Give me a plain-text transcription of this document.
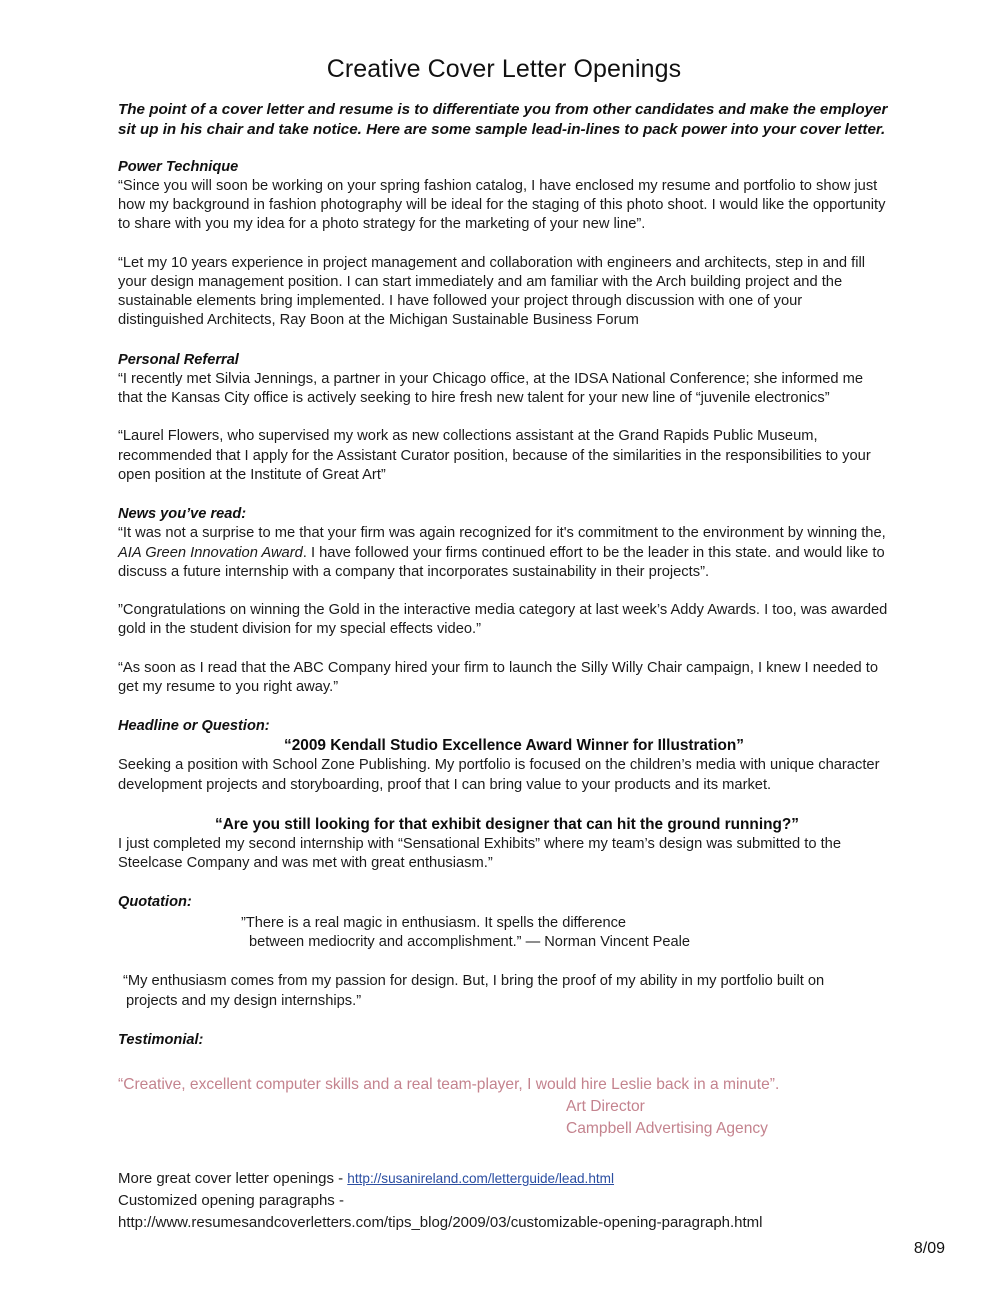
Creative Cover Letter Openings

The point of a cover letter and resume is to differentiate you from other candidates and make the employer sit up in his chair and take notice. Here are some sample lead-in-lines to pack power into your cover letter.

Power Technique

“Since you will soon be working on your spring fashion catalog, I have enclosed my resume and portfolio to show just how my background in fashion photography will be ideal for the staging of this photo shoot. I would like the opportunity to share with you my idea for a photo strategy for the marketing of your new line”.

“Let my 10 years experience in project management and collaboration with engineers and architects, step in and fill your design management position. I can start immediately and am familiar with the Arch building project and the sustainable elements bring implemented. I have followed your project through discussion with one of your distinguished Architects, Ray Boon at the Michigan Sustainable Business Forum

Personal Referral

“I recently met Silvia Jennings, a partner in your Chicago office, at the IDSA National Conference; she informed me that the Kansas City office is actively seeking to hire fresh new talent for your new line of “juvenile electronics”

“Laurel Flowers, who supervised my work as new collections assistant at the Grand Rapids Public Museum, recommended that I apply for the Assistant Curator position, because of the similarities in the responsibilities to your open position at the Institute of Great Art”

News you’ve read:

“It was not a surprise to me that your firm was again recognized for it's commitment to the environment by winning the, AIA Green Innovation Award. I have followed your firms continued effort to be the leader in this state. and would like to discuss a future internship with a company that incorporates sustainability in their projects”.

”Congratulations on winning the Gold in the interactive media category at last week’s Addy Awards. I too, was awarded gold in the student division for my special effects video.”

“As soon as I read that the ABC Company hired your firm to launch the Silly Willy Chair campaign, I knew I needed to get my resume to you right away.”

Headline or Question:
“2009 Kendall Studio Excellence Award Winner for Illustration”

Seeking a position with School Zone Publishing. My portfolio is focused on the children’s media with unique character development projects and storyboarding, proof that I can bring value to your products and its market.

“Are you still looking for that exhibit designer that can hit the ground running?”

I just completed my second internship with “Sensational Exhibits” where my team’s design was submitted to the Steelcase Company and was met with great enthusiasm.”

Quotation:
”There is a real magic in enthusiasm. It spells the difference
between mediocrity and accomplishment.” — Norman Vincent Peale
“My enthusiasm comes from my passion for design. But, I bring the proof of my ability in my portfolio built on
projects and my design internships.”
Testimonial:
“Creative, excellent computer skills and a real team-player, I would hire Leslie back in a minute”.
Art Director
Campbell Advertising Agency
More great cover letter openings - http://susanireland.com/letterguide/lead.html
Customized opening paragraphs -
http://www.resumesandcoverletters.com/tips_blog/2009/03/customizable-opening-paragraph.html
8/09
